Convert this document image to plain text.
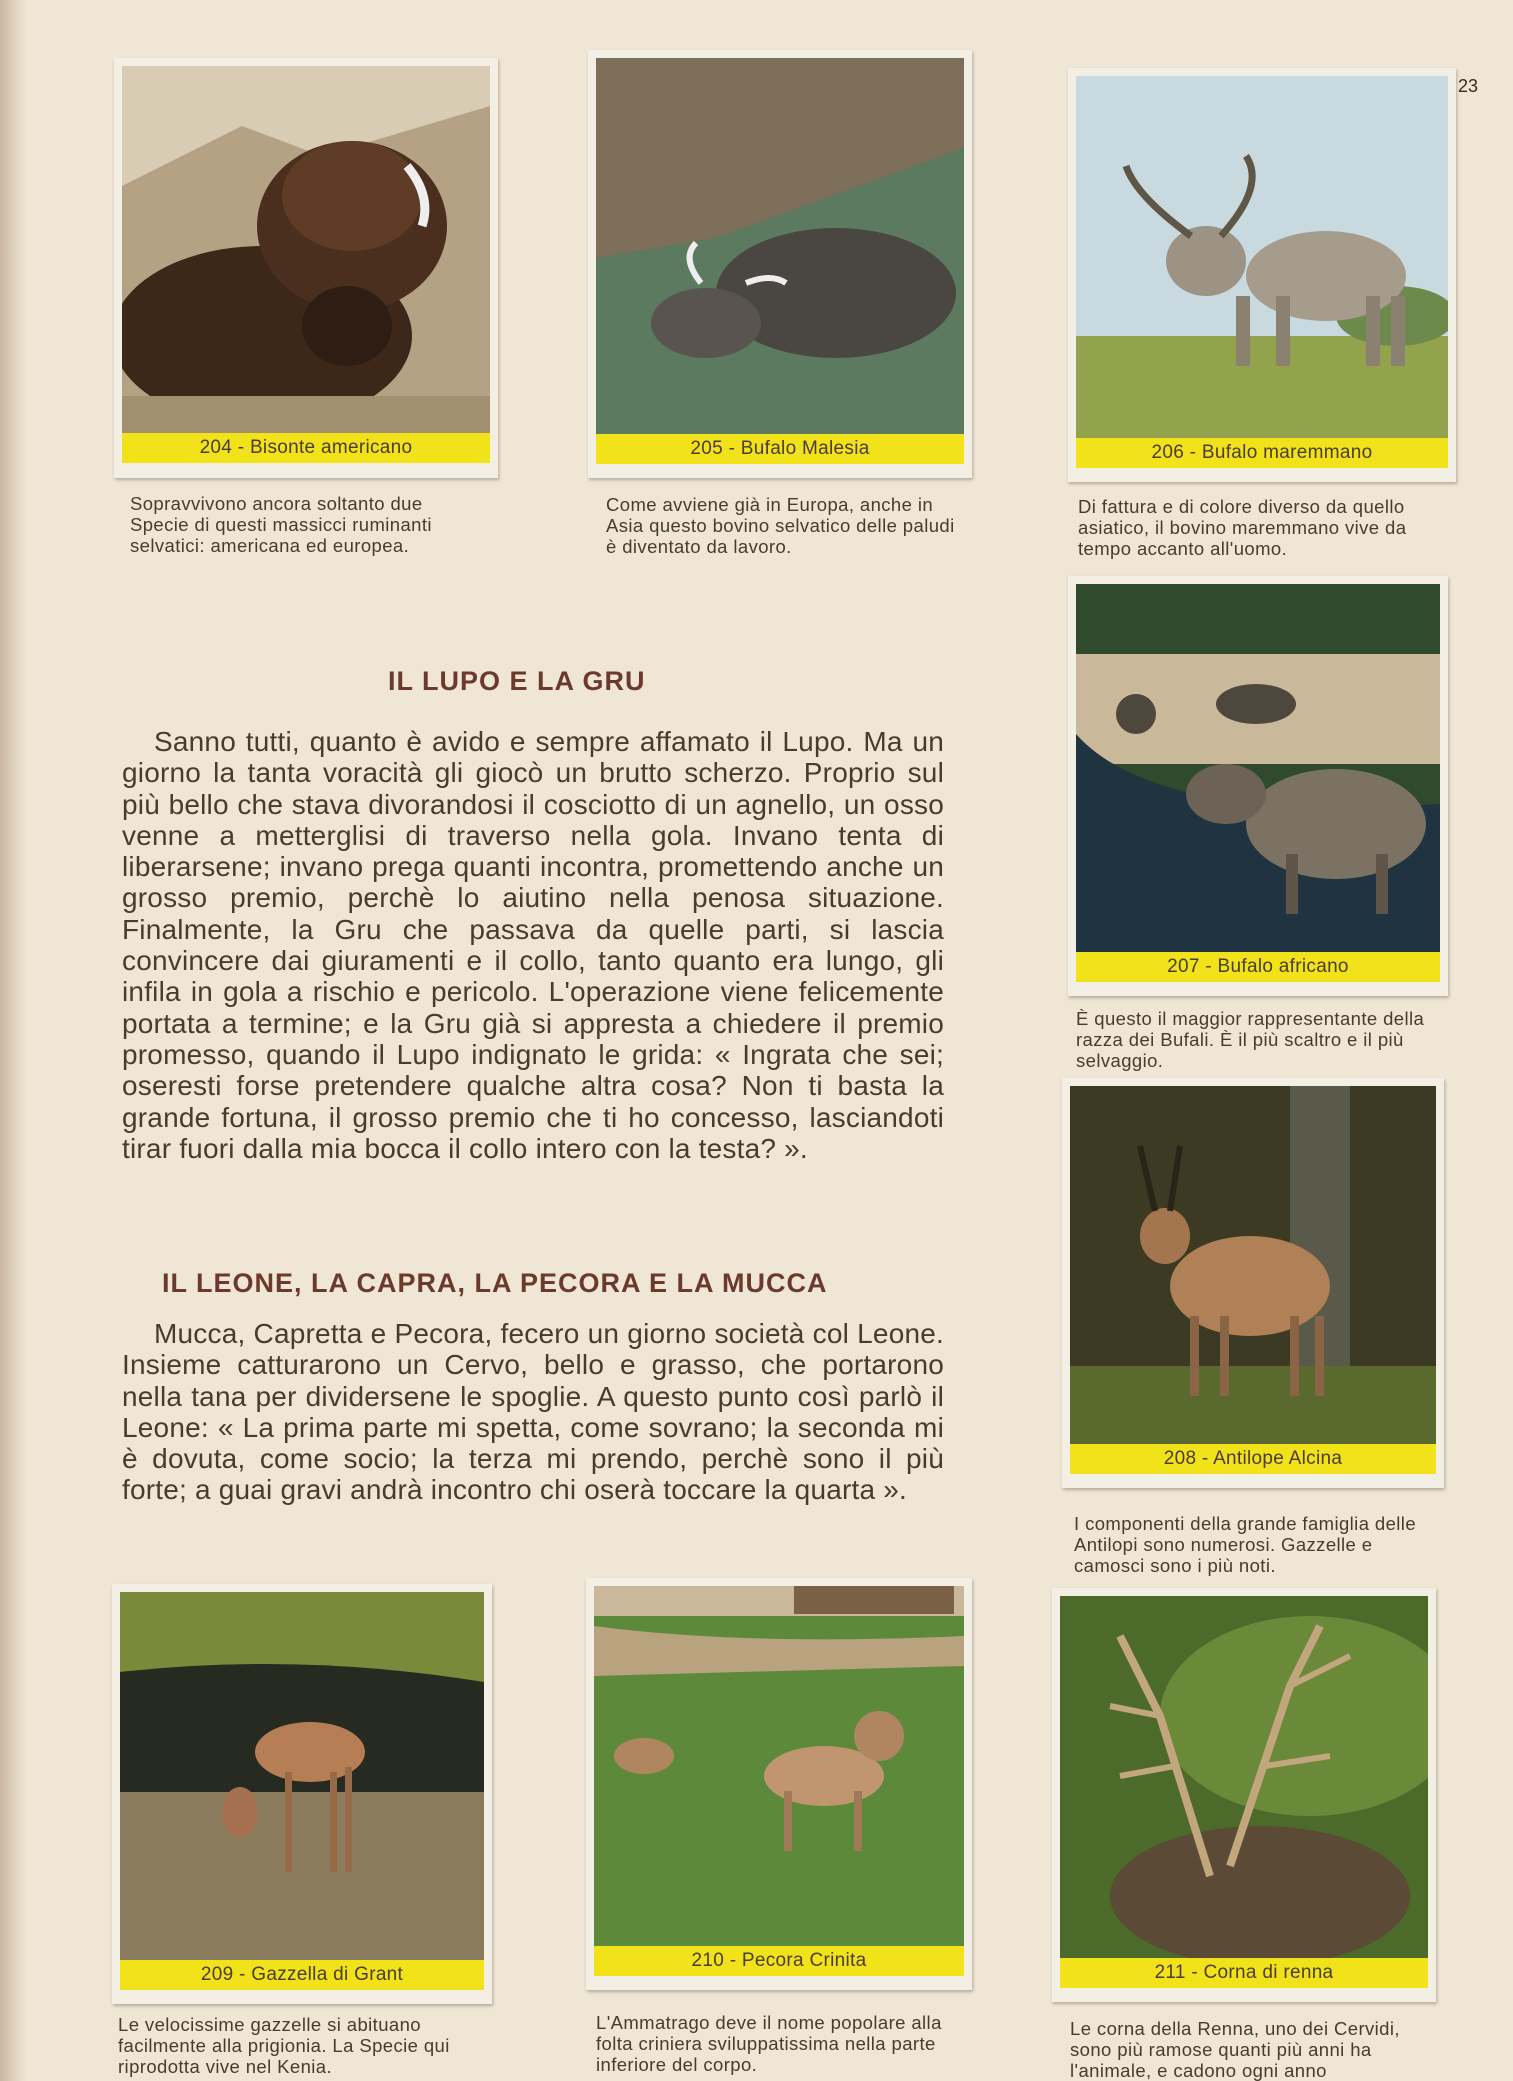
23
204 - Bisonte americano
Sopravvivono ancora soltanto due Specie di questi massicci ruminanti selvatici: americana ed europea.
205 - Bufalo Malesia
Come avviene già in Europa, anche in Asia questo bovino selvatico delle paludi è diventato da lavoro.
206 - Bufalo maremmano
Di fattura e di colore diverso da quello asiatico, il bovino maremmano vive da tempo accanto all'uomo.
207 - Bufalo africano
È questo il maggior rappresentante della razza dei Bufali. È il più scaltro e il più selvaggio.
208 - Antilope Alcina
I componenti della grande famiglia delle Antilopi sono numerosi. Gazzelle e camosci sono i più noti.
209 - Gazzella di Grant
Le velocissime gazzelle si abituano facilmente alla prigionia. La Specie qui riprodotta vive nel Kenia.
210 - Pecora Crinita
L'Ammatrago deve il nome popolare alla folta criniera sviluppatissima nella parte inferiore del corpo.
211 - Corna di renna
Le corna della Renna, uno dei Cervidi, sono più ramose quanti più anni ha l'animale, e cadono ogni anno
IL LUPO E LA GRU
Sanno tutti, quanto è avido e sempre affamato il Lupo. Ma un giorno la tanta voracità gli giocò un brutto scherzo. Proprio sul più bello che stava divorandosi il cosciotto di un agnello, un osso venne a metterglisi di traverso nella gola. Invano tenta di liberarsene; invano prega quanti incontra, promettendo anche un grosso premio, perchè lo aiutino nella penosa situazione. Finalmente, la Gru che passava da quelle parti, si lascia convincere dai giuramenti e il collo, tanto quanto era lungo, gli infila in gola a rischio e pericolo. L'operazione viene felicemente portata a termine; e la Gru già si appresta a chiedere il premio promesso, quando il Lupo indignato le grida: « Ingrata che sei; oseresti forse pretendere qualche altra cosa? Non ti basta la grande fortuna, il grosso premio che ti ho concesso, lasciandoti tirar fuori dalla mia bocca il collo intero con la testa? ».
IL LEONE, LA CAPRA, LA PECORA E LA MUCCA
Mucca, Capretta e Pecora, fecero un giorno società col Leone. Insieme catturarono un Cervo, bello e grasso, che portarono nella tana per dividersene le spoglie. A questo punto così parlò il Leone: « La prima parte mi spetta, come sovrano; la seconda mi è dovuta, come socio; la terza mi prendo, perchè sono il più forte; a guai gravi andrà incontro chi oserà toccare la quarta ».
